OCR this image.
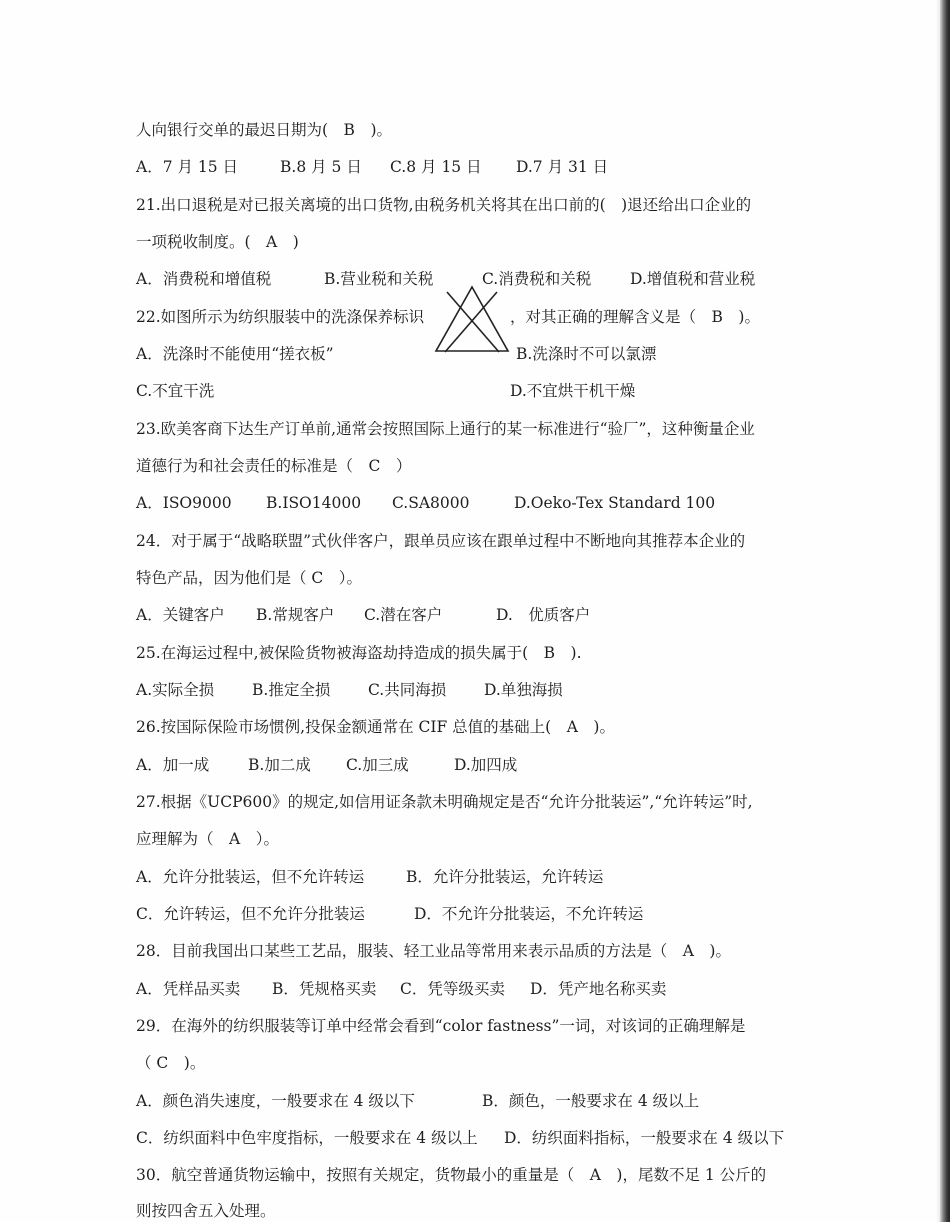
人向银行交单的最迟日期为(　B　)。
A．7 月 15 日	B.8 月 5 日 C.8 月 15 日 D.7 月 31 日
21.出口退税是对已报关离境的出口货物,由税务机关将其在出口前的(　)退还给出口企业的
一项税收制度。(　A　)
A．消费税和增值税	B.营业税和关税	C.消费税和关税	D.增值税和营业税
22.如图所示为纺织服装中的洗涤保养标识	，对其正确的理解含义是（　B　)。
A．洗涤时不能使用“搓衣板”	B.洗涤时不可以氯漂
C.不宜干洗	D.不宜烘干机干燥
23.欧美客商下达生产订单前,通常会按照国际上通行的某一标准进行“验厂”，这种衡量企业
道德行为和社会责任的标准是（　C　）
A．ISO9000 B.ISO14000 C.SA8000	D.Oeko-Tex Standard 100
24．对于属于“战略联盟”式伙伴客户，跟单员应该在跟单过程中不断地向其推荐本企业的
特色产品，因为他们是（ C　）。
A．关键客户 B.常规客户 C.潜在客户	D.　优质客户
25.在海运过程中,被保险货物被海盗劫持造成的损失属于(　B　).
A.实际全损 B.推定全损 C.共同海损 D.单独海损
26.按国际保险市场惯例,投保金额通常在 CIF 总值的基础上(　A　)。
A．加一成	B.加二成 C.加三成	D.加四成
27.根据《UCP600》的规定,如信用证条款未明确规定是否“允许分批装运”,“允许转运”时,
应理解为（　A　）。
A．允许分批装运，但不允许转运	B．允许分批装运，允许转运
C．允许转运，但不允许分批装运	D．不允许分批装运，不允许转运
28．目前我国出口某些工艺品，服装、轻工业品等常用来表示品质的方法是（　A　)。
A．凭样品买卖 B．凭规格买卖 C．凭等级买卖 D．凭产地名称买卖
29．在海外的纺织服装等订单中经常会看到“color fastness”一词，对该词的正确理解是
（ C　)。
A．颜色消失速度，一般要求在 4 级以下	B．颜色，一般要求在 4 级以上
C．纺织面料中色牢度指标，一般要求在 4 级以上 D．纺织面料指标，一般要求在 4 级以下
30．航空普通货物运输中，按照有关规定，货物最小的重量是（　A　)，尾数不足 1 公斤的
则按四舍五入处理。
